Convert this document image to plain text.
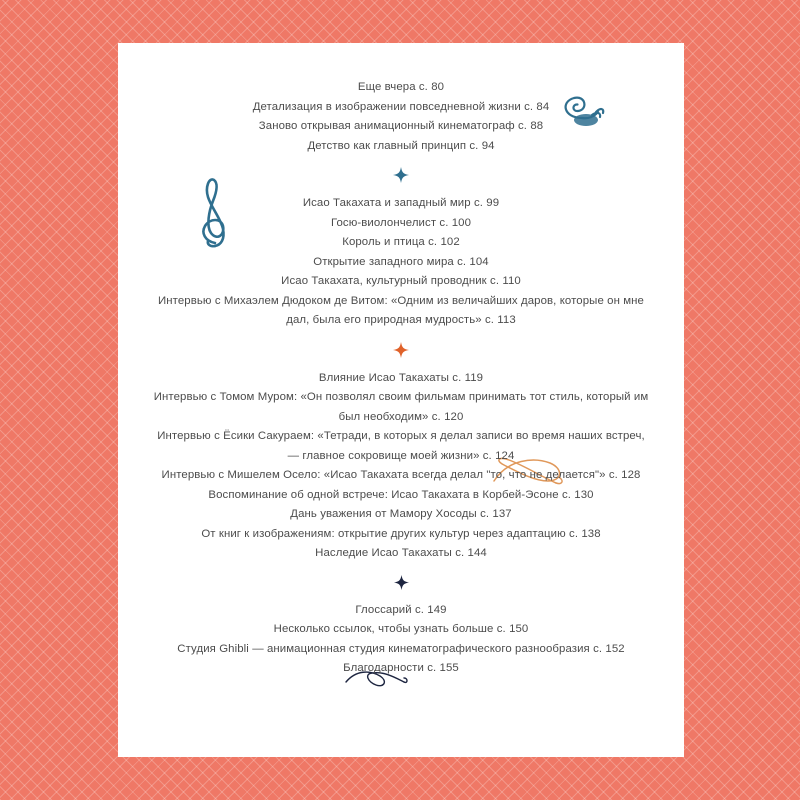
Еще вчера с. 80

Детализация в изображении повседневной жизни с. 84

Заново открывая анимационный кинематограф с. 88

Детство как главный принцип с. 94

Исао Такахата и западный мир с. 99

Госю-виолончелист с. 100

Король и птица с. 102

Открытие западного мира с. 104

Исао Такахата, культурный проводник с. 110

Интервью с Михаэлем Дюдоком де Витом: «Одним из величайших даров, которые он мне дал, была его природная мудрость» с. 113

Влияние Исао Такахаты с. 119

Интервью с Томом Муром: «Он позволял своим фильмам принимать тот стиль, который им был необходим» с. 120

Интервью с Ёсики Сакураем: «Тетради, в которых я делал записи во время наших встреч, — главное сокровище моей жизни» с. 124

Интервью с Мишелем Осело: «Исао Такахата всегда делал "то, что не делается"» с. 128

Воспоминание об одной встрече: Исао Такахата в Корбей-Эсоне с. 130

Дань уважения от Мамору Хосоды с. 137

От книг к изображениям: открытие других культур через адаптацию с. 138

Наследие Исао Такахаты с. 144

Глоссарий с. 149

Несколько ссылок, чтобы узнать больше с. 150

Студия Ghibli — анимационная студия кинематографического разнообразия с. 152

Благодарности с. 155
